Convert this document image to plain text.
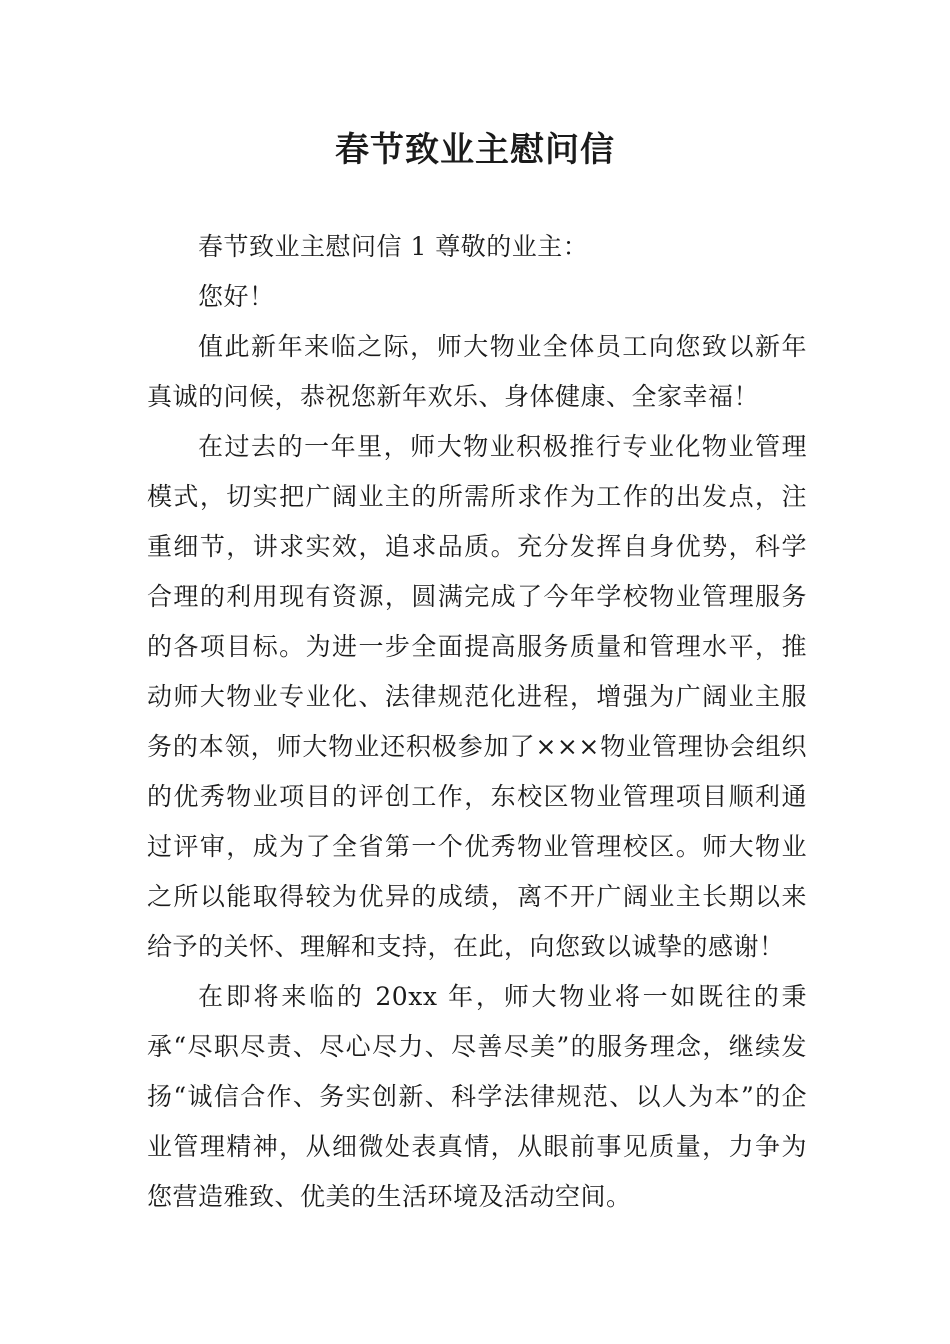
春节致业主慰问信

春节致业主慰问信 1 尊敬的业主：

您好！

值此新年来临之际，师大物业全体员工向您致以新年真诚的问候，恭祝您新年欢乐、身体健康、全家幸福！

在过去的一年里，师大物业积极推行专业化物业管理模式，切实把广阔业主的所需所求作为工作的出发点，注重细节，讲求实效，追求品质。充分发挥自身优势，科学合理的利用现有资源，圆满完成了今年学校物业管理服务的各项目标。为进一步全面提高服务质量和管理水平，推动师大物业专业化、法律规范化进程，增强为广阔业主服务的本领，师大物业还积极参加了×××物业管理协会组织的优秀物业项目的评创工作，东校区物业管理项目顺利通过评审，成为了全省第一个优秀物业管理校区。师大物业之所以能取得较为优异的成绩，离不开广阔业主长期以来给予的关怀、理解和支持，在此，向您致以诚挚的感谢！

在即将来临的 20xx 年，师大物业将一如既往的秉承“尽职尽责、尽心尽力、尽善尽美”的服务理念，继续发扬“诚信合作、务实创新、科学法律规范、以人为本”的企业管理精神，从细微处表真情，从眼前事见质量，力争为您营造雅致、优美的生活环境及活动空间。
